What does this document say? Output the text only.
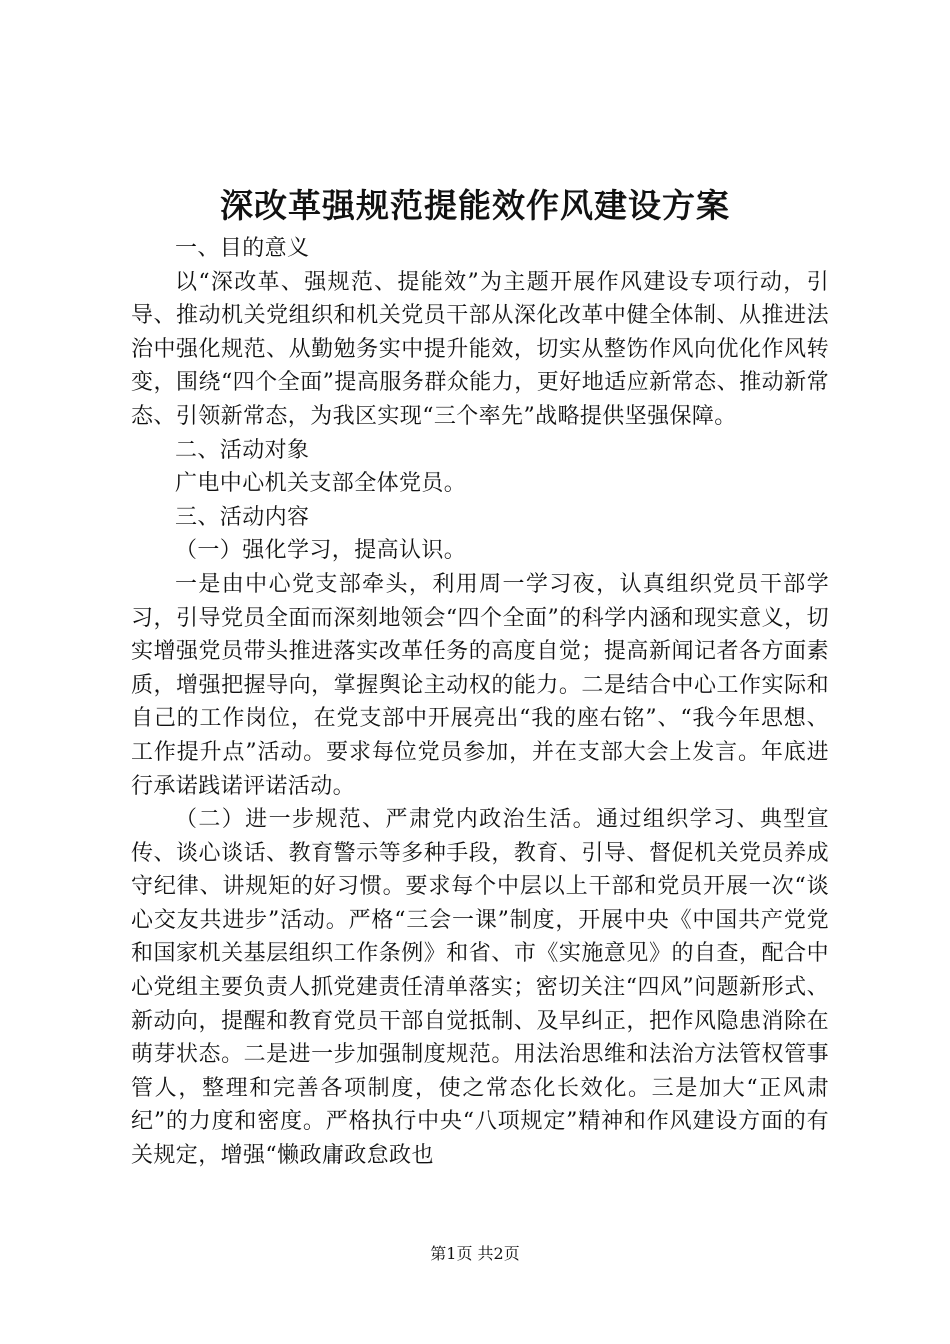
深改革强规范提能效作风建设方案

一、目的意义

以“深改革、强规范、提能效”为主题开展作风建设专项行动，引导、推动机关党组织和机关党员干部从深化改革中健全体制、从推进法治中强化规范、从勤勉务实中提升能效，切实从整饬作风向优化作风转变，围绕“四个全面”提高服务群众能力，更好地适应新常态、推动新常态、引领新常态，为我区实现“三个率先”战略提供坚强保障。

二、活动对象

广电中心机关支部全体党员。

三、活动内容

（一）强化学习，提高认识。

一是由中心党支部牵头，利用周一学习夜，认真组织党员干部学习，引导党员全面而深刻地领会“四个全面”的科学内涵和现实意义，切实增强党员带头推进落实改革任务的高度自觉；提高新闻记者各方面素质，增强把握导向，掌握舆论主动权的能力。二是结合中心工作实际和自己的工作岗位，在党支部中开展亮出“我的座右铭”、“我今年思想、工作提升点”活动。要求每位党员参加，并在支部大会上发言。年底进行承诺践诺评诺活动。

（二）进一步规范、严肃党内政治生活。通过组织学习、典型宣传、谈心谈话、教育警示等多种手段，教育、引导、督促机关党员养成守纪律、讲规矩的好习惯。要求每个中层以上干部和党员开展一次“谈心交友共进步”活动。严格“三会一课”制度，开展中央《中国共产党党和国家机关基层组织工作条例》和省、市《实施意见》的自查，配合中心党组主要负责人抓党建责任清单落实；密切关注“四风”问题新形式、新动向，提醒和教育党员干部自觉抵制、及早纠正，把作风隐患消除在萌芽状态。二是进一步加强制度规范。用法治思维和法治方法管权管事管人，整理和完善各项制度，使之常态化长效化。三是加大“正风肃纪”的力度和密度。严格执行中央“八项规定”精神和作风建设方面的有关规定，增强“懒政庸政怠政也

第1页 共2页
